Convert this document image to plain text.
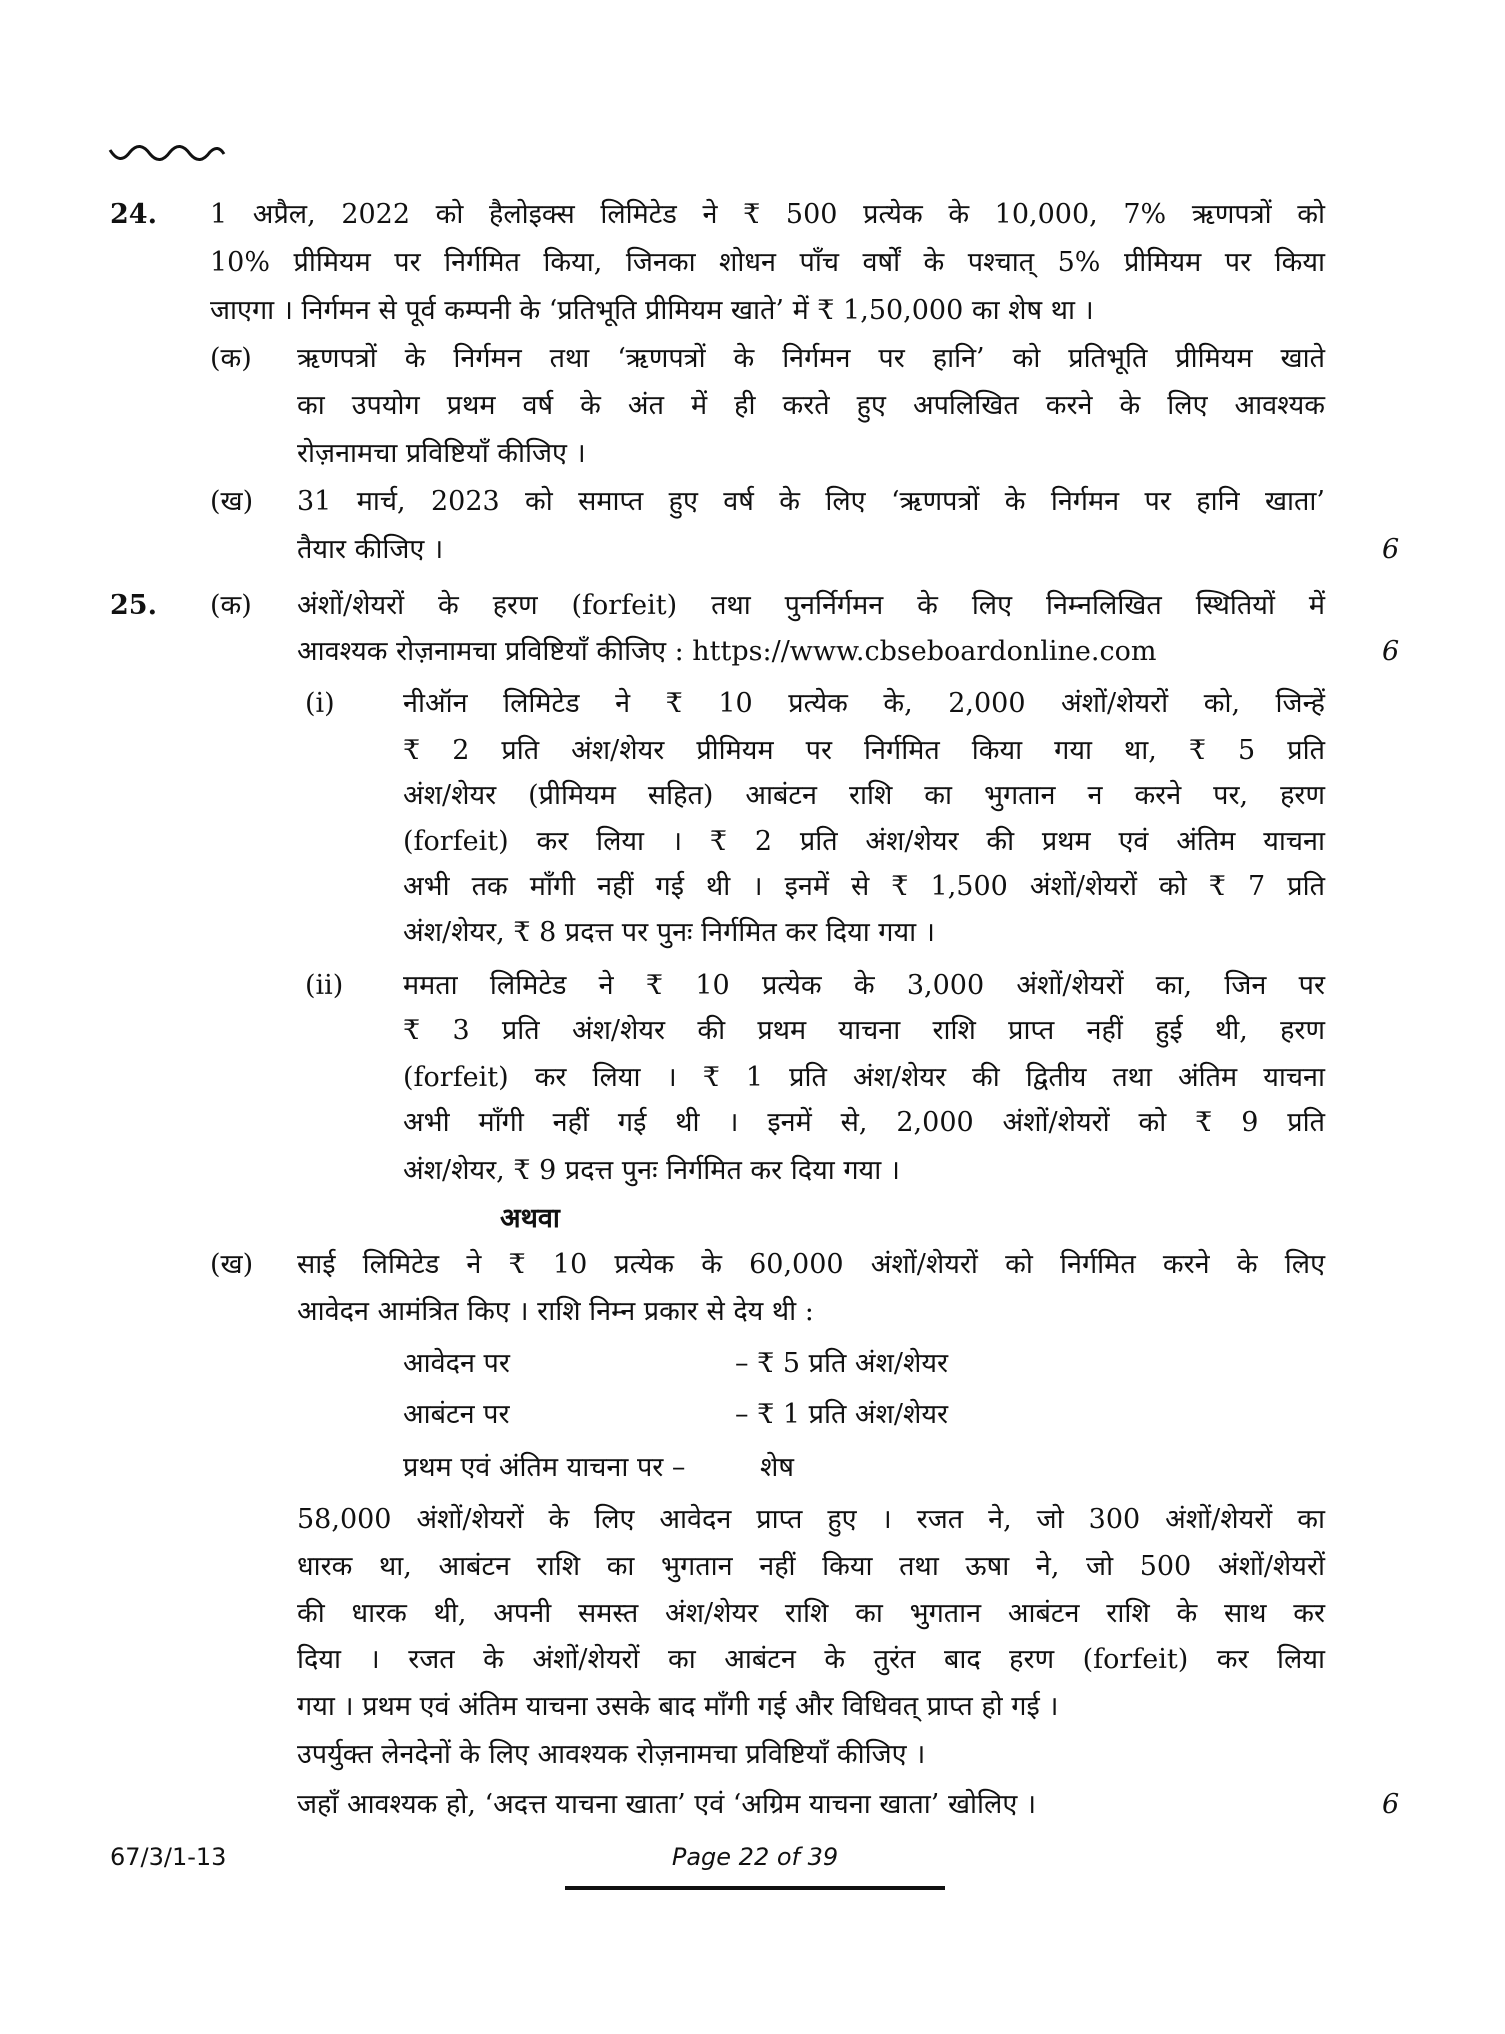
24. 1 अप्रैल, 2022 को हैलोइक्स लिमिटेड ने ₹ 500 प्रत्येक के 10,000, 7% ऋणपत्रों को
10% प्रीमियम पर निर्गमित किया, जिनका शोधन पाँच वर्षों के पश्चात् 5% प्रीमियम पर किया
जाएगा । निर्गमन से पूर्व कम्पनी के ‘प्रतिभूति प्रीमियम खाते’ में ₹ 1,50,000 का शेष था ।
(क) ऋणपत्रों के निर्गमन तथा ‘ऋणपत्रों के निर्गमन पर हानि’ को प्रतिभूति प्रीमियम खाते
का उपयोग प्रथम वर्ष के अंत में ही करते हुए अपलिखित करने के लिए आवश्यक
रोज़नामचा प्रविष्टियाँ कीजिए ।
(ख) 31 मार्च, 2023 को समाप्त हुए वर्ष के लिए ‘ऋणपत्रों के निर्गमन पर हानि खाता’
तैयार कीजिए ।	6
25. (क) अंशों/शेयरों के हरण (forfeit) तथा पुनर्निर्गमन के लिए निम्नलिखित स्थितियों में
आवश्यक रोज़नामचा प्रविष्टियाँ कीजिए : https://www.cbseboardonline.com	6
(i)	नीऑन लिमिटेड ने ₹ 10 प्रत्येक के, 2,000 अंशों/शेयरों को, जिन्हें
₹ 2 प्रति अंश/शेयर प्रीमियम पर निर्गमित किया गया था, ₹ 5 प्रति
अंश/शेयर (प्रीमियम सहित) आबंटन राशि का भुगतान न करने पर, हरण
(forfeit) कर लिया । ₹ 2 प्रति अंश/शेयर की प्रथम एवं अंतिम याचना
अभी तक माँगी नहीं गई थी । इनमें से ₹ 1,500 अंशों/शेयरों को ₹ 7 प्रति
अंश/शेयर, ₹ 8 प्रदत्त पर पुनः निर्गमित कर दिया गया ।
(ii) ममता लिमिटेड ने ₹ 10 प्रत्येक के 3,000 अंशों/शेयरों का, जिन पर
₹ 3 प्रति अंश/शेयर की प्रथम याचना राशि प्राप्त नहीं हुई थी, हरण
(forfeit) कर लिया । ₹ 1 प्रति अंश/शेयर की द्वितीय तथा अंतिम याचना
अभी माँगी नहीं गई थी । इनमें से, 2,000 अंशों/शेयरों को ₹ 9 प्रति
अंश/शेयर, ₹ 9 प्रदत्त पुनः निर्गमित कर दिया गया ।
अथवा
(ख) साई लिमिटेड ने ₹ 10 प्रत्येक के 60,000 अंशों/शेयरों को निर्गमित करने के लिए
आवेदन आमंत्रित किए । राशि निम्न प्रकार से देय थी :
आवेदन पर	– ₹ 5 प्रति अंश/शेयर
आबंटन पर	– ₹ 1 प्रति अंश/शेयर
प्रथम एवं अंतिम याचना पर –	शेष
58,000 अंशों/शेयरों के लिए आवेदन प्राप्त हुए । रजत ने, जो 300 अंशों/शेयरों का
धारक था, आबंटन राशि का भुगतान नहीं किया तथा ऊषा ने, जो 500 अंशों/शेयरों
की धारक थी, अपनी समस्त अंश/शेयर राशि का भुगतान आबंटन राशि के साथ कर
दिया । रजत के अंशों/शेयरों का आबंटन के तुरंत बाद हरण (forfeit) कर लिया
गया । प्रथम एवं अंतिम याचना उसके बाद माँगी गई और विधिवत् प्राप्त हो गई ।
उपर्युक्त लेनदेनों के लिए आवश्यक रोज़नामचा प्रविष्टियाँ कीजिए ।
जहाँ आवश्यक हो, ‘अदत्त याचना खाता’ एवं ‘अग्रिम याचना खाता’ खोलिए ।	6
67/3/1-13	Page 22 of 39
